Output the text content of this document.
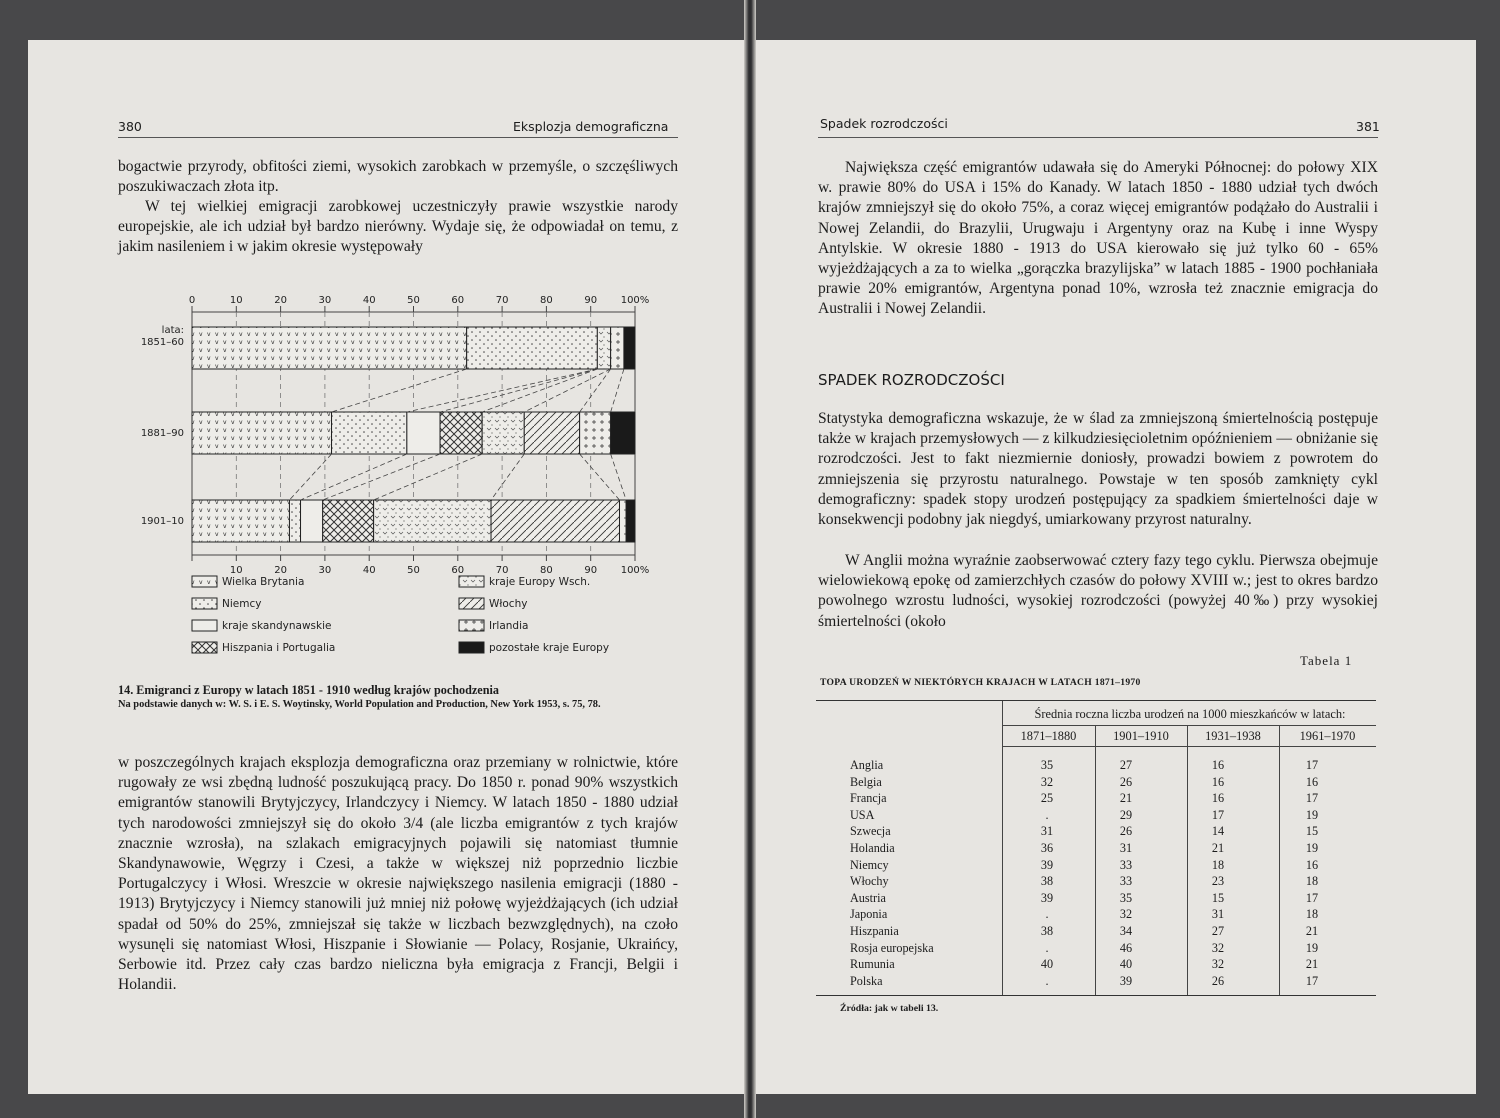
380	Eksplozja demograficzna

bogactwie przyrody, obfitości ziemi, wysokich zarobkach w przemyśle, o szczęśliwych poszukiwaczach złota itp.

W tej wielkiej emigracji zarobkowej uczestniczyły prawie wszystkie narody europejskie, ale ich udział był bardzo nierówny. Wydaje się, że odpowiadał on temu, z jakim nasileniem i w jakim okresie występowały

0	10	20	30	40	50	60	70	80	90 100%
10	20	30	40	50	60	70	80	90 100%
lata:
1851–60
1881–90
1901–10
Wielka Brytania
Niemcy
kraje skandynawskie
Hiszpania i Portugalia
kraje Europy Wsch.
Włochy
Irlandia
pozostałe kraje Europy
14. Emigranci z Europy w latach 1851 - 1910 według krajów pochodzenia
Na podstawie danych w: W. S. i E. S. Woytinsky, World Population and Production, New York 1953, s. 75, 78.

w poszczególnych krajach eksplozja demograficzna oraz przemiany w rolnictwie, które rugowały ze wsi zbędną ludność poszukującą pracy. Do 1850 r. ponad 90% wszystkich emigrantów stanowili Brytyjczycy, Irlandczycy i Niemcy. W latach 1850 - 1880 udział tych narodowości zmniejszył się do około 3/4 (ale liczba emigrantów z tych krajów znacznie wzrosła), na szlakach emigracyjnych pojawili się natomiast tłumnie Skandynawowie, Węgrzy i Czesi, a także w większej niż poprzednio liczbie Portugalczycy i Włosi. Wreszcie w okresie największego nasilenia emigracji (1880 - 1913) Brytyjczycy i Niemcy stanowili już mniej niż połowę wyjeżdżających (ich udział spadał od 50% do 25%, zmniejszał się także w liczbach bezwzględnych), na czoło wysunęli się natomiast Włosi, Hiszpanie i Słowianie — Polacy, Rosjanie, Ukraińcy, Serbowie itd. Przez cały czas bardzo nieliczna była emigracja z Francji, Belgii i Holandii.

Spadek rozrodczości	381

Największa część emigrantów udawała się do Ameryki Północnej: do połowy XIX w. prawie 80% do USA i 15% do Kanady. W latach 1850 - 1880 udział tych dwóch krajów zmniejszył się do około 75%, a coraz więcej emigrantów podążało do Australii i Nowej Zelandii, do Brazylii, Urugwaju i Argentyny oraz na Kubę i inne Wyspy Antylskie. W okresie 1880 - 1913 do USA kierowało się już tylko 60 - 65% wyjeżdżających a za to wielka „gorączka brazylijska” w latach 1885 - 1900 pochłaniała prawie 20% emigrantów, Argentyna ponad 10%, wzrosła też znacznie emigracja do Australii i Nowej Zelandii.

SPADEK ROZRODCZOŚCI

Statystyka demograficzna wskazuje, że w ślad za zmniejszoną śmiertelnością postępuje także w krajach przemysłowych — z kilkudziesięcioletnim opóźnieniem — obniżanie się rozrodczości. Jest to fakt niezmiernie doniosły, prowadzi bowiem z powrotem do zmniejszenia się przyrostu naturalnego. Powstaje w ten sposób zamknięty cykl demograficzny: spadek stopy urodzeń postępujący za spadkiem śmiertelności daje w konsekwencji podobny jak niegdyś, umiarkowany przyrost naturalny.

W Anglii można wyraźnie zaobserwować cztery fazy tego cyklu. Pierwsza obejmuje wielowiekową epokę od zamierzchłych czasów do połowy XVIII w.; jest to okres bardzo powolnego wzrostu ludności, wysokiej rozrodczości (powyżej 40‰) przy wysokiej śmiertelności (około

Tabela 1
TOPA URODZEŃ W NIEKTÓRYCH KRAJACH W LATACH 1871–1970
Średnia roczna liczba urodzeń na 1000 mieszkańców w latach:
1871–1880	1901–1910	1931–1938	1961–1970
Anglia	35	27	16	17
Belgia	32	26	16	16
Francja	25	21	16	17
USA	.	29	17	19
Szwecja	31	26	14	15
Holandia	36	31	21	19
Niemcy	39	33	18	16
Włochy	38	33	23	18
Austria	39	35	15	17
Japonia	.	32	31	18
Hiszpania	38	34	27	21
Rosja europejska	.	46	32	19
Rumunia	40	40	32	21
Polska	.	39	26	17
Źródła: jak w tabeli 13.
